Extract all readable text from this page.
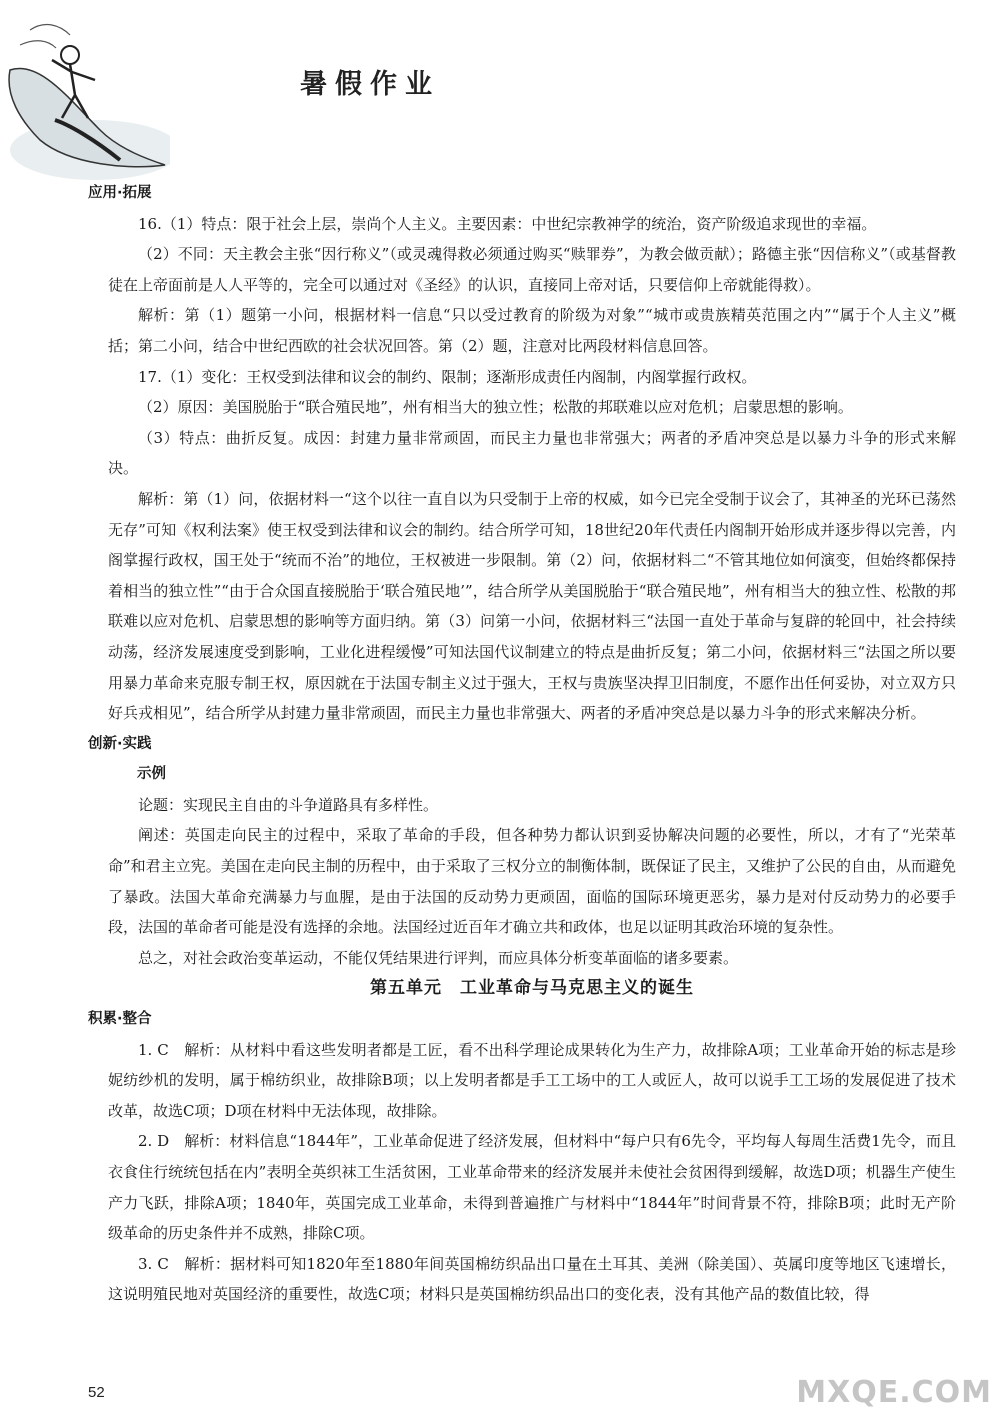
暑假作业

应用·拓展

16.（1）特点：限于社会上层，崇尚个人主义。主要因素：中世纪宗教神学的统治，资产阶级追求现世的幸福。

（2）不同：天主教会主张“因行称义”（或灵魂得救必须通过购买“赎罪券”，为教会做贡献）；路德主张“因信称义”（或基督教徒在上帝面前是人人平等的，完全可以通过对《圣经》的认识，直接同上帝对话，只要信仰上帝就能得救）。

解析：第（1）题第一小问，根据材料一信息“只以受过教育的阶级为对象”“城市或贵族精英范围之内”“属于个人主义”概括；第二小问，结合中世纪西欧的社会状况回答。第（2）题，注意对比两段材料信息回答。

17.（1）变化：王权受到法律和议会的制约、限制；逐渐形成责任内阁制，内阁掌握行政权。

（2）原因：美国脱胎于“联合殖民地”，州有相当大的独立性；松散的邦联难以应对危机；启蒙思想的影响。

（3）特点：曲折反复。成因：封建力量非常顽固，而民主力量也非常强大；两者的矛盾冲突总是以暴力斗争的形式来解决。

解析：第（1）问，依据材料一“这个以往一直自以为只受制于上帝的权威，如今已完全受制于议会了，其神圣的光环已荡然无存”可知《权利法案》使王权受到法律和议会的制约。结合所学可知，18世纪20年代责任内阁制开始形成并逐步得以完善，内阁掌握行政权，国王处于“统而不治”的地位，王权被进一步限制。第（2）问，依据材料二“不管其地位如何演变，但始终都保持着相当的独立性”“由于合众国直接脱胎于‘联合殖民地’”，结合所学从美国脱胎于“联合殖民地”，州有相当大的独立性、松散的邦联难以应对危机、启蒙思想的影响等方面归纳。第（3）问第一小问，依据材料三“法国一直处于革命与复辟的轮回中，社会持续动荡，经济发展速度受到影响，工业化进程缓慢”可知法国代议制建立的特点是曲折反复；第二小问，依据材料三“法国之所以要用暴力革命来克服专制王权，原因就在于法国专制主义过于强大，王权与贵族坚决捍卫旧制度，不愿作出任何妥协，对立双方只好兵戎相见”，结合所学从封建力量非常顽固，而民主力量也非常强大、两者的矛盾冲突总是以暴力斗争的形式来解决分析。

创新·实践

示例

论题：实现民主自由的斗争道路具有多样性。

阐述：英国走向民主的过程中，采取了革命的手段，但各种势力都认识到妥协解决问题的必要性，所以，才有了“光荣革命”和君主立宪。美国在走向民主制的历程中，由于采取了三权分立的制衡体制，既保证了民主，又维护了公民的自由，从而避免了暴政。法国大革命充满暴力与血腥，是由于法国的反动势力更顽固，面临的国际环境更恶劣，暴力是对付反动势力的必要手段，法国的革命者可能是没有选择的余地。法国经过近百年才确立共和政体，也足以证明其政治环境的复杂性。

总之，对社会政治变革运动，不能仅凭结果进行评判，而应具体分析变革面临的诸多要素。

第五单元　工业革命与马克思主义的诞生

积累·整合

1. C　解析：从材料中看这些发明者都是工匠，看不出科学理论成果转化为生产力，故排除A项；工业革命开始的标志是珍妮纺纱机的发明，属于棉纺织业，故排除B项；以上发明者都是手工工场中的工人或匠人，故可以说手工工场的发展促进了技术改革，故选C项；D项在材料中无法体现，故排除。

2. D　解析：材料信息“1844年”，工业革命促进了经济发展，但材料中“每户只有6先令，平均每人每周生活费1先令，而且衣食住行统统包括在内”表明全英织袜工生活贫困，工业革命带来的经济发展并未使社会贫困得到缓解，故选D项；机器生产使生产力飞跃，排除A项；1840年，英国完成工业革命，未得到普遍推广与材料中“1844年”时间背景不符，排除B项；此时无产阶级革命的历史条件并不成熟，排除C项。

3. C　解析：据材料可知1820年至1880年间英国棉纺织品出口量在土耳其、美洲（除美国）、英属印度等地区飞速增长，这说明殖民地对英国经济的重要性，故选C项；材料只是英国棉纺织品出口的变化表，没有其他产品的数值比较，得

52	MXQE.COM
